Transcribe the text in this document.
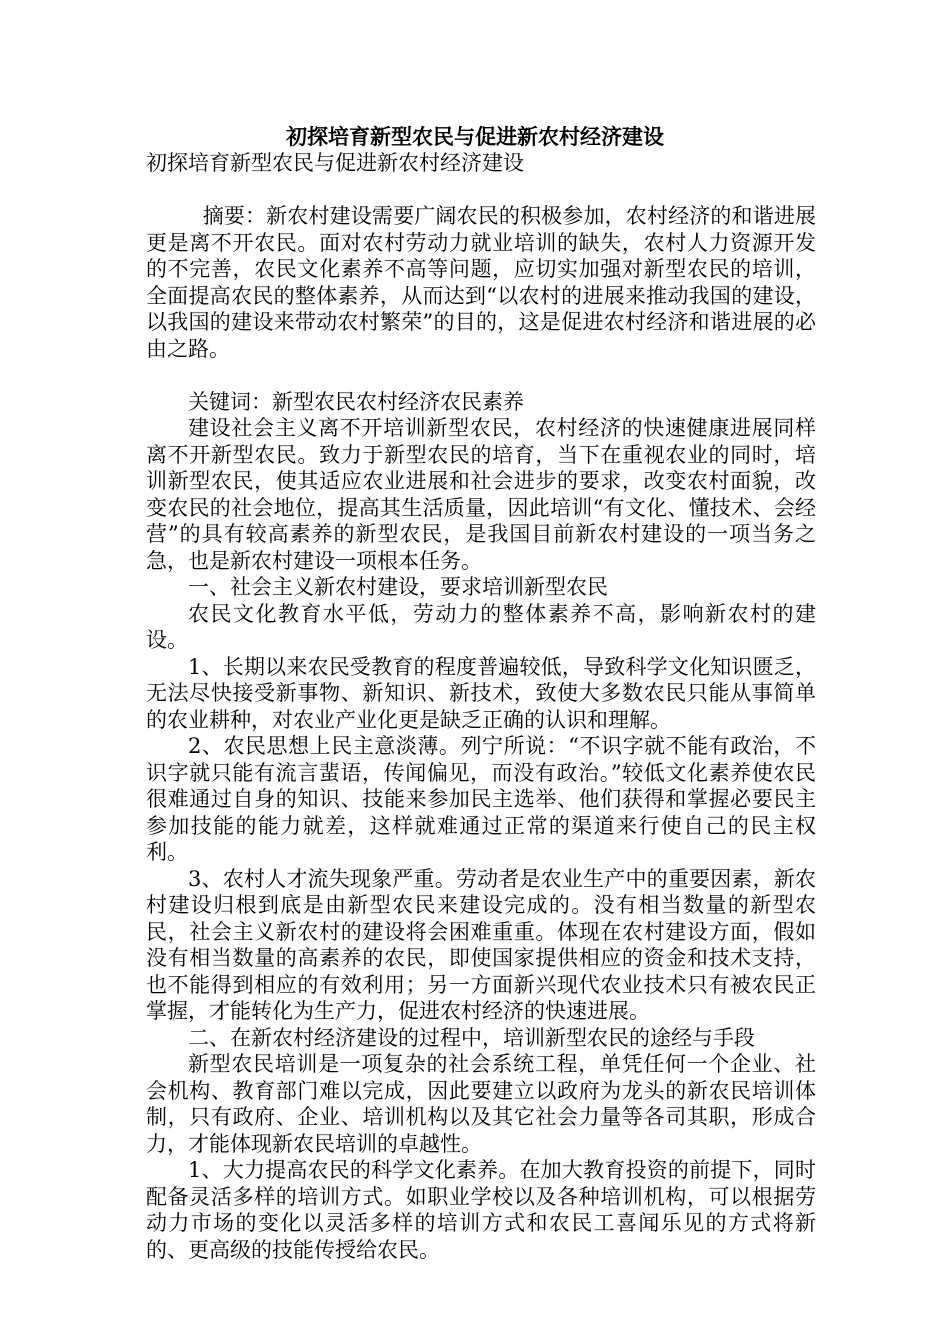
初探培育新型农民与促进新农村经济建设

初探培育新型农民与促进新农村经济建设

摘要：新农村建设需要广阔农民的积极参加，农村经济的和谐进展更是离不开农民。面对农村劳动力就业培训的缺失，农村人力资源开发的不完善，农民文化素养不高等问题，应切实加强对新型农民的培训，全面提高农民的整体素养，从而达到“以农村的进展来推动我国的建设，以我国的建设来带动农村繁荣”的目的，这是促进农村经济和谐进展的必由之路。

关键词：新型农民农村经济农民素养

建设社会主义离不开培训新型农民，农村经济的快速健康进展同样离不开新型农民。致力于新型农民的培育，当下在重视农业的同时，培训新型农民，使其适应农业进展和社会进步的要求，改变农村面貌，改变农民的社会地位，提高其生活质量，因此培训“有文化、懂技术、会经营”的具有较高素养的新型农民，是我国目前新农村建设的一项当务之急，也是新农村建设一项根本任务。

一、社会主义新农村建设，要求培训新型农民

农民文化教育水平低，劳动力的整体素养不高，影响新农村的建设。

1、长期以来农民受教育的程度普遍较低，导致科学文化知识匮乏，无法尽快接受新事物、新知识、新技术，致使大多数农民只能从事简单的农业耕种，对农业产业化更是缺乏正确的认识和理解。

2、农民思想上民主意淡薄。列宁所说：“不识字就不能有政治，不识字就只能有流言蜚语，传闻偏见，而没有政治。”较低文化素养使农民很难通过自身的知识、技能来参加民主选举、他们获得和掌握必要民主参加技能的能力就差，这样就难通过正常的渠道来行使自己的民主权利。

3、农村人才流失现象严重。劳动者是农业生产中的重要因素，新农村建设归根到底是由新型农民来建设完成的。没有相当数量的新型农民，社会主义新农村的建设将会困难重重。体现在农村建设方面，假如没有相当数量的高素养的农民，即使国家提供相应的资金和技术支持，也不能得到相应的有效利用；另一方面新兴现代农业技术只有被农民正掌握，才能转化为生产力，促进农村经济的快速进展。

二、在新农村经济建设的过程中，培训新型农民的途经与手段

新型农民培训是一项复杂的社会系统工程，单凭任何一个企业、社会机构、教育部门难以完成，因此要建立以政府为龙头的新农民培训体制，只有政府、企业、培训机构以及其它社会力量等各司其职，形成合力，才能体现新农民培训的卓越性。

1、大力提高农民的科学文化素养。在加大教育投资的前提下，同时配备灵活多样的培训方式。如职业学校以及各种培训机构，可以根据劳动力市场的变化以灵活多样的培训方式和农民工喜闻乐见的方式将新的、更高级的技能传授给农民。
